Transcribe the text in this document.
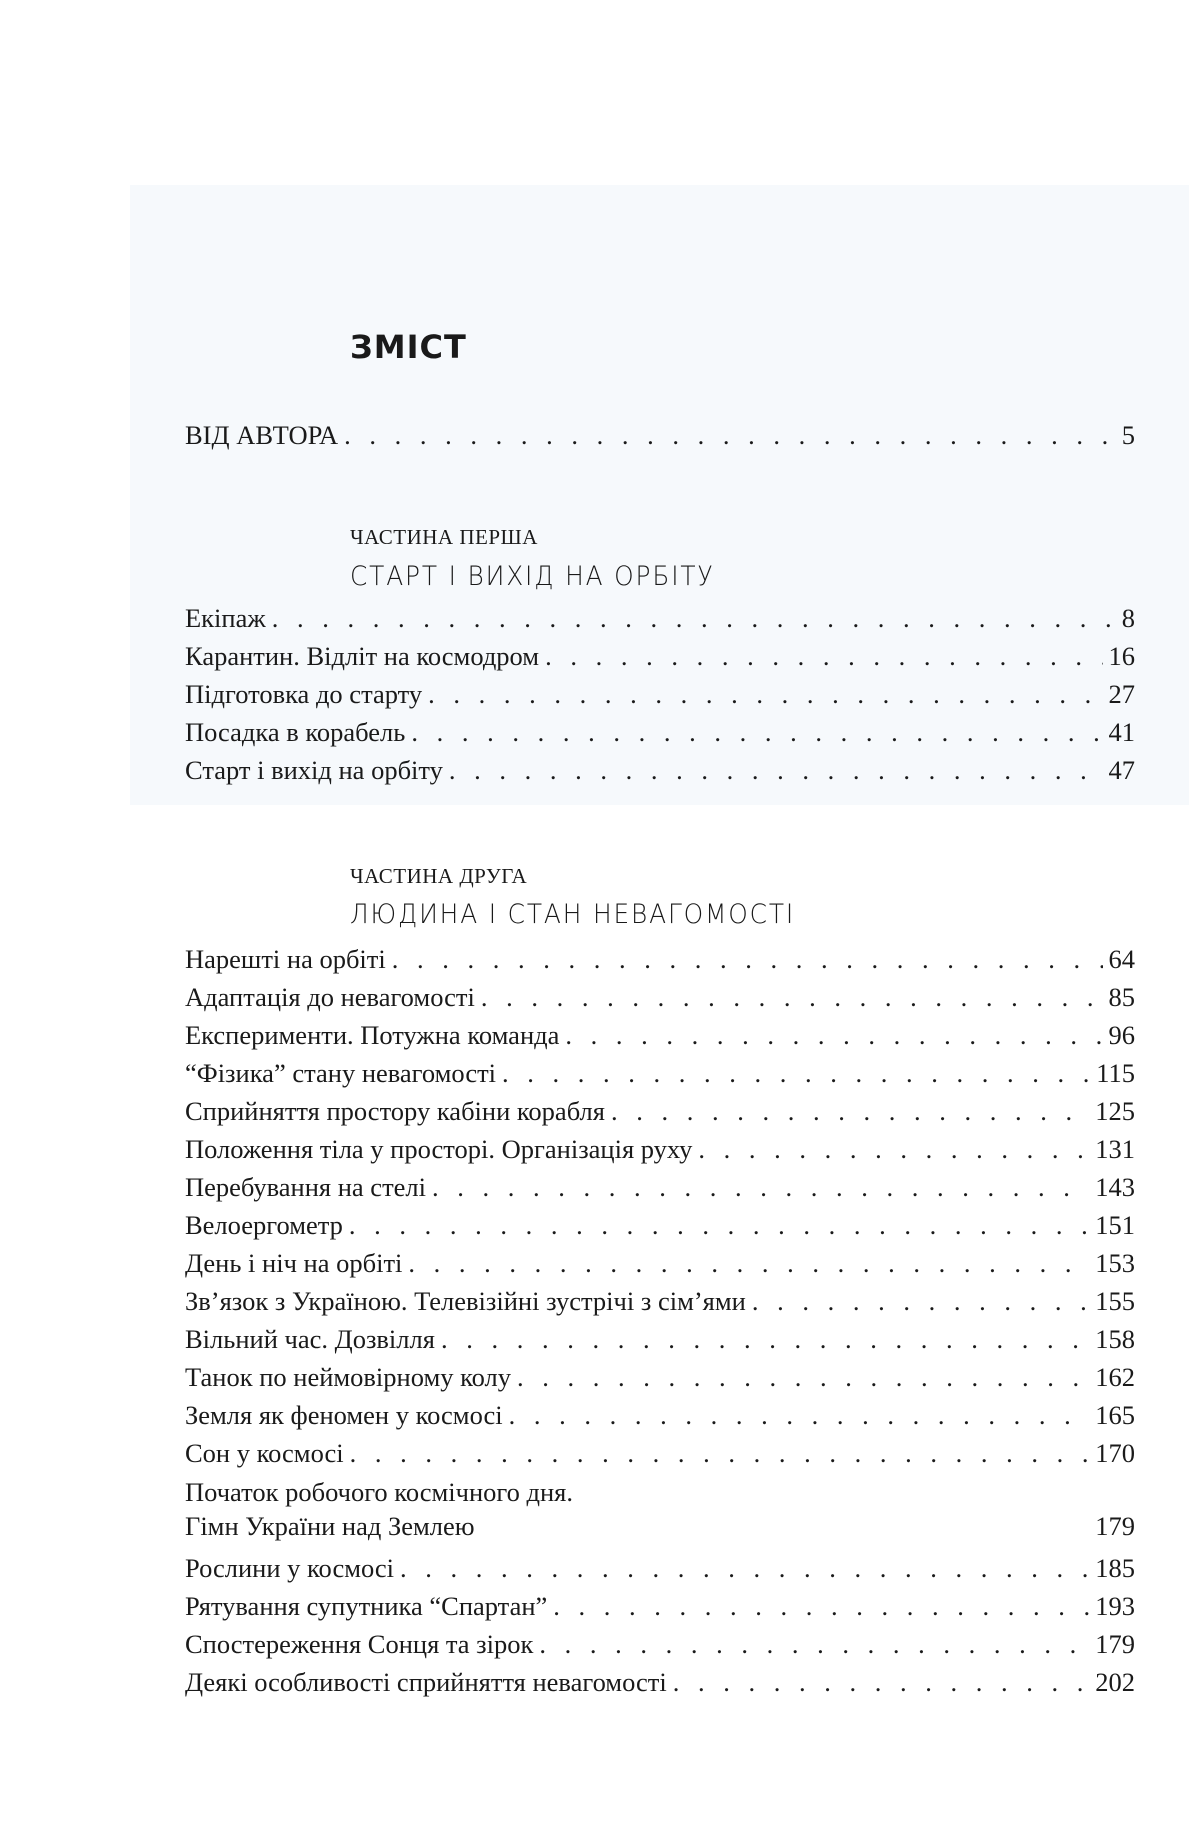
ЗМІСТ
ВІД АВТОРА . . .	5
ЧАСТИНА ПЕРША
СТАРТ І ВИХІД НА ОРБІТУ
Екіпаж . . .	8
Карантин. Відліт на космодром . . .	16
Підготовка до старту . . .	27
Посадка в корабель . . .	41
Старт і вихід на орбіту . . .	47
ЧАСТИНА ДРУГА
ЛЮДИНА І СТАН НЕВАГОМОСТІ
Нарешті на орбіті . . .	64
Адаптація до невагомості . . .	85
Експерименти. Потужна команда . . .	96
“Фізика” стану невагомості . . .	115
Сприйняття простору кабіни корабля . . .	125
Положення тіла у просторі. Організація руху . . .	131
Перебування на стелі . . .	143
Велоергометр . . .	151
День і ніч на орбіті . . .	153
Зв’язок з Україною. Телевізійні зустрічі з сім’ями . . .	155
Вільний час. Дозвілля . . .	158
Танок по неймовірному колу . . .	162
Земля як феномен у космосі . . .	165
Сон у космосі . . .	170
Початок робочого космічного дня.
Гімн України над Землею	179
Рослини у космосі . . .	185
Рятування супутника “Спартан” . . .	193
Спостереження Сонця та зірок . . .	179
Деякі особливості сприйняття невагомості . . .	202
